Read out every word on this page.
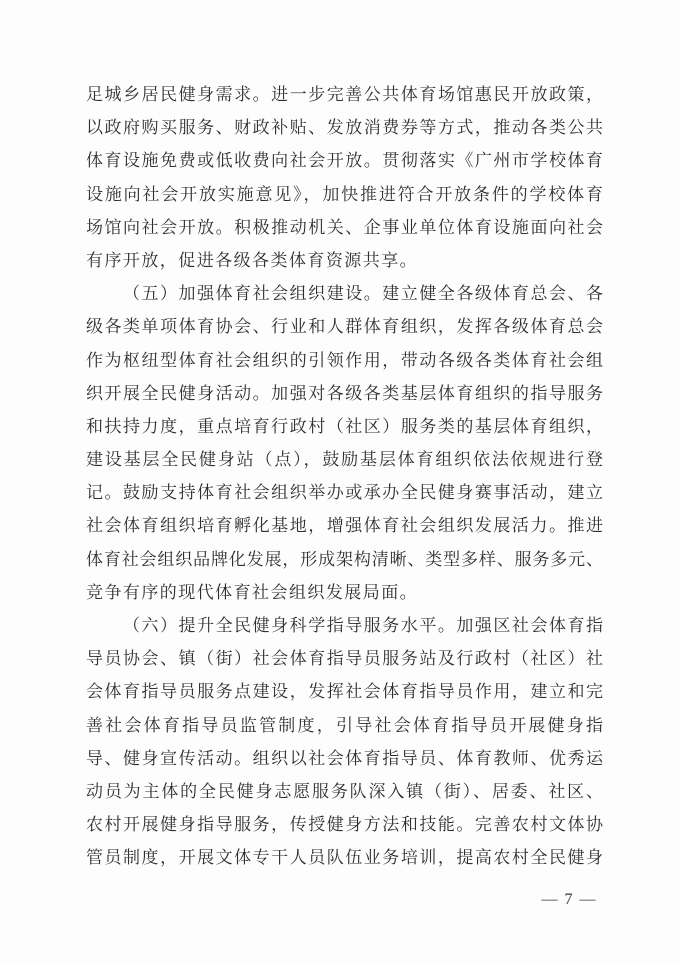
足城乡居民健身需求。进一步完善公共体育场馆惠民开放政策，
以政府购买服务、财政补贴、发放消费券等方式，推动各类公共
体育设施免费或低收费向社会开放。贯彻落实《广州市学校体育
设施向社会开放实施意见》，加快推进符合开放条件的学校体育
场馆向社会开放。积极推动机关、企事业单位体育设施面向社会
有序开放，促进各级各类体育资源共享。
（五）加强体育社会组织建设。建立健全各级体育总会、各
级各类单项体育协会、行业和人群体育组织，发挥各级体育总会
作为枢纽型体育社会组织的引领作用，带动各级各类体育社会组
织开展全民健身活动。加强对各级各类基层体育组织的指导服务
和扶持力度，重点培育行政村（社区）服务类的基层体育组织，
建设基层全民健身站（点），鼓励基层体育组织依法依规进行登
记。鼓励支持体育社会组织举办或承办全民健身赛事活动，建立
社会体育组织培育孵化基地，增强体育社会组织发展活力。推进
体育社会组织品牌化发展，形成架构清晰、类型多样、服务多元、
竞争有序的现代体育社会组织发展局面。
（六）提升全民健身科学指导服务水平。加强区社会体育指
导员协会、镇（街）社会体育指导员服务站及行政村（社区）社
会体育指导员服务点建设，发挥社会体育指导员作用，建立和完
善社会体育指导员监管制度，引导社会体育指导员开展健身指
导、健身宣传活动。组织以社会体育指导员、体育教师、优秀运
动员为主体的全民健身志愿服务队深入镇（街）、居委、社区、
农村开展健身指导服务，传授健身方法和技能。完善农村文体协
管员制度，开展文体专干人员队伍业务培训，提高农村全民健身
— 7 —
